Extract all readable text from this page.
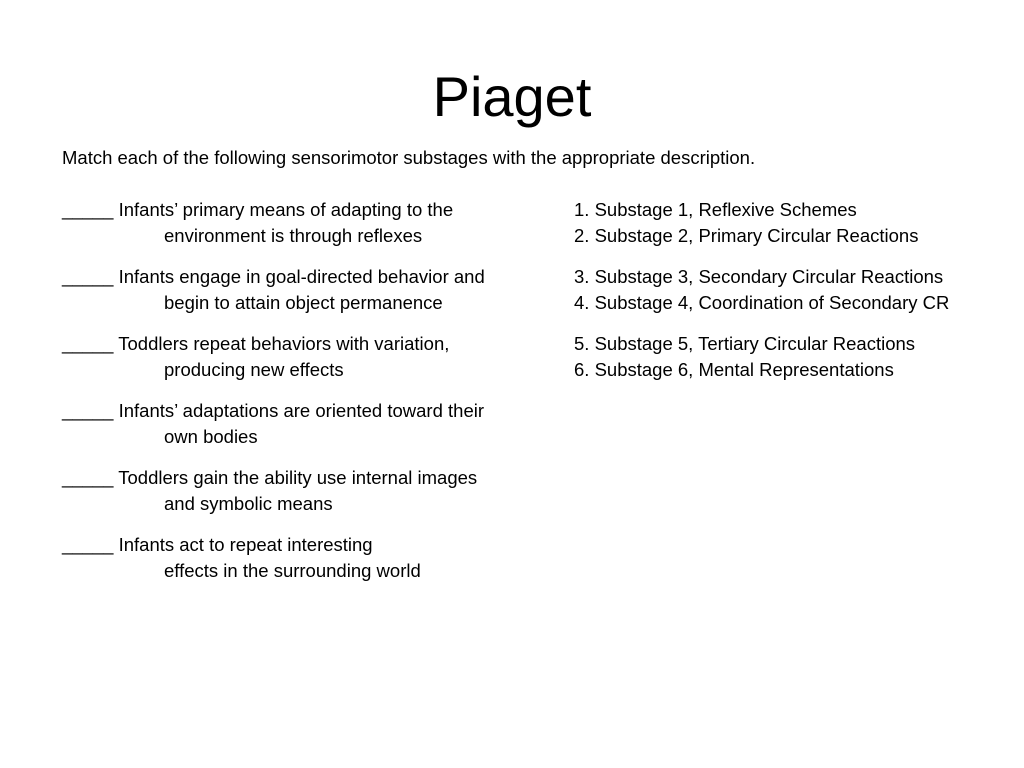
Piaget
Match each of the following sensorimotor substages with the appropriate description.
_____ Infants’ primary means of adapting to the
environment is through reflexes
_____ Infants engage in goal-directed behavior and
begin to attain object permanence
_____ Toddlers repeat behaviors with variation,
producing new effects
_____ Infants’ adaptations are oriented toward their
own bodies
_____ Toddlers gain the ability use internal images
and symbolic means
_____ Infants act to repeat interesting
effects in the surrounding world
1. Substage 1, Reflexive Schemes
2. Substage 2, Primary Circular Reactions
3. Substage 3, Secondary Circular Reactions
4. Substage 4, Coordination of Secondary CR
5. Substage 5, Tertiary Circular Reactions
6. Substage 6, Mental Representations
